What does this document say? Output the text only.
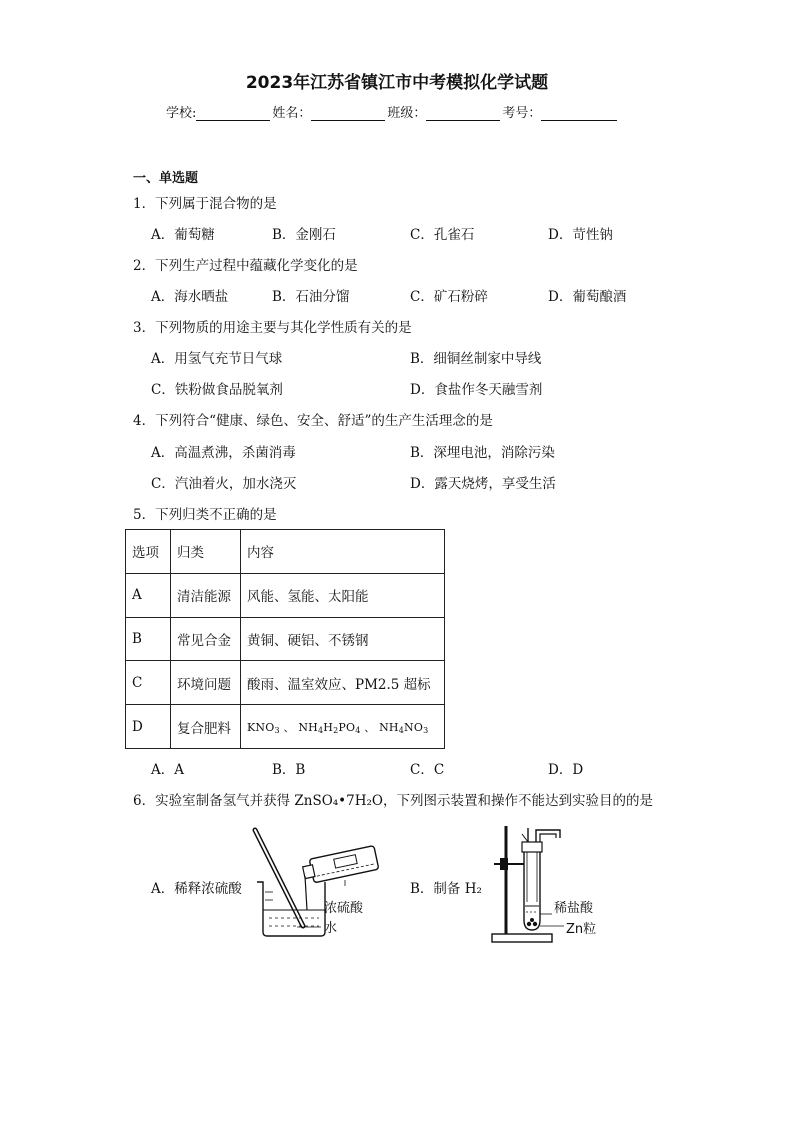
2023年江苏省镇江市中考模拟化学试题
学校:	姓名：	班级：	考号：
一、单选题
1．下列属于混合物的是
A．葡萄糖	B．金刚石	C．孔雀石	D．苛性钠
2．下列生产过程中蕴藏化学变化的是
A．海水晒盐	B．石油分馏	C．矿石粉碎	D．葡萄酿酒
3．下列物质的用途主要与其化学性质有关的是
A．用氢气充节日气球	B．细铜丝制家中导线
C．铁粉做食品脱氧剂	D．食盐作冬天融雪剂
4．下列符合“健康、绿色、安全、舒适”的生产生活理念的是
A．高温煮沸，杀菌消毒	B．深埋电池，消除污染
C．汽油着火，加水浇灭	D．露天烧烤，享受生活
5．下列归类不正确的是
选项	归类	内容
A	清洁能源	风能、氢能、太阳能
B	常见合金	黄铜、硬铝、不锈钢
C	环境问题	酸雨、温室效应、PM2.5 超标
D	复合肥料	$KNO_3$ 、 $NH_4H_2PO_4$ 、 $NH_4NO_3$
A．A	B．B	C．C	D．D
6．实验室制备氢气并获得 ZnSO₄•7H₂O，下列图示装置和操作不能达到实验目的的是
A．稀释浓硫酸	B．制备 H₂
浓硫酸
水
稀盐酸
Zn粒
